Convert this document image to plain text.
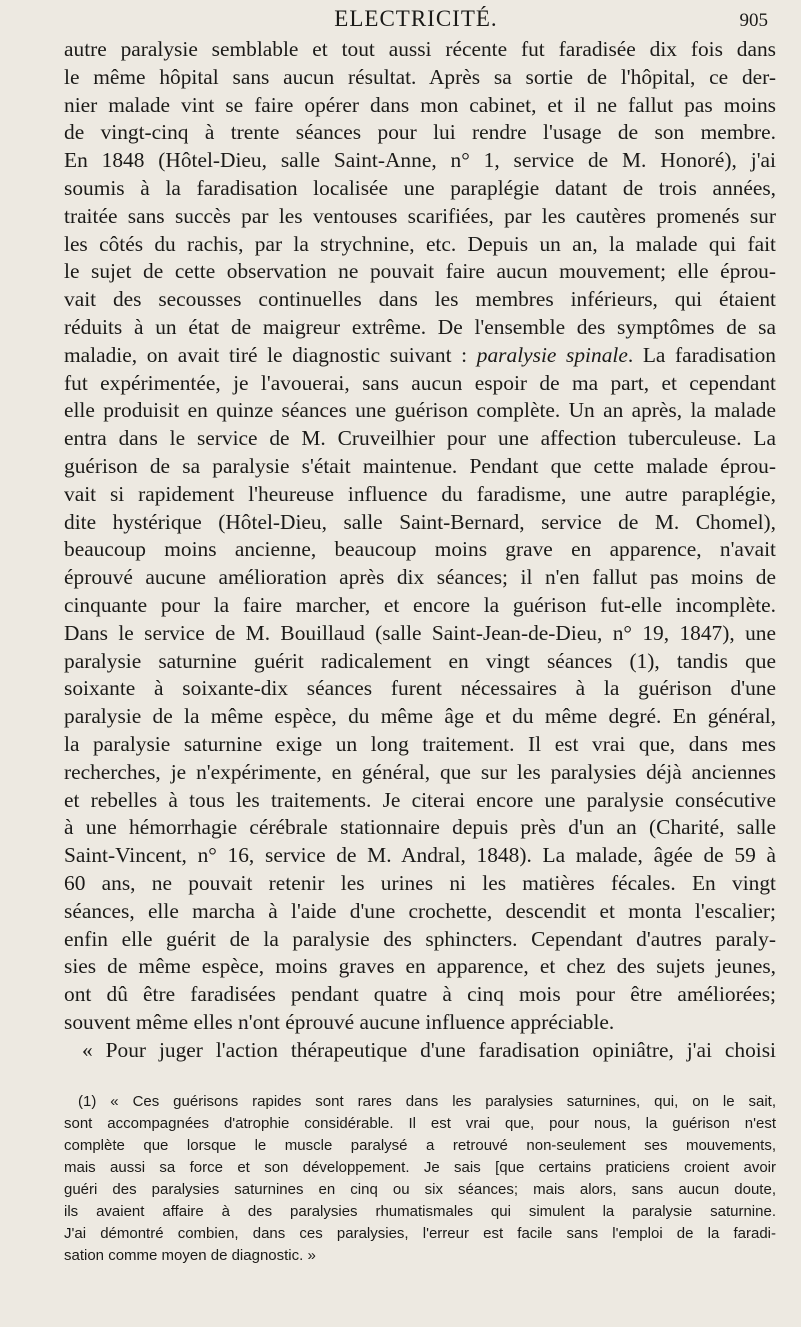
ELECTRICITÉ.	905
autre paralysie semblable et tout aussi récente fut faradisée dix fois dans
le même hôpital sans aucun résultat. Après sa sortie de l'hôpital, ce der-
nier malade vint se faire opérer dans mon cabinet, et il ne fallut pas moins
de vingt-cinq à trente séances pour lui rendre l'usage de son membre.
En 1848 (Hôtel-Dieu, salle Saint-Anne, n° 1, service de M. Honoré), j'ai
soumis à la faradisation localisée une paraplégie datant de trois années,
traitée sans succès par les ventouses scarifiées, par les cautères promenés sur
les côtés du rachis, par la strychnine, etc. Depuis un an, la malade qui fait
le sujet de cette observation ne pouvait faire aucun mouvement; elle éprou-
vait des secousses continuelles dans les membres inférieurs, qui étaient
réduits à un état de maigreur extrême. De l'ensemble des symptômes de sa
maladie, on avait tiré le diagnostic suivant : paralysie spinale. La faradisation
fut expérimentée, je l'avouerai, sans aucun espoir de ma part, et cependant
elle produisit en quinze séances une guérison complète. Un an après, la malade
entra dans le service de M. Cruveilhier pour une affection tuberculeuse. La
guérison de sa paralysie s'était maintenue. Pendant que cette malade éprou-
vait si rapidement l'heureuse influence du faradisme, une autre paraplégie,
dite hystérique (Hôtel-Dieu, salle Saint-Bernard, service de M. Chomel),
beaucoup moins ancienne, beaucoup moins grave en apparence, n'avait
éprouvé aucune amélioration après dix séances; il n'en fallut pas moins de
cinquante pour la faire marcher, et encore la guérison fut-elle incomplète.
Dans le service de M. Bouillaud (salle Saint-Jean-de-Dieu, n° 19, 1847), une
paralysie saturnine guérit radicalement en vingt séances (1), tandis que
soixante à soixante-dix séances furent nécessaires à la guérison d'une
paralysie de la même espèce, du même âge et du même degré. En général,
la paralysie saturnine exige un long traitement. Il est vrai que, dans mes
recherches, je n'expérimente, en général, que sur les paralysies déjà anciennes
et rebelles à tous les traitements. Je citerai encore une paralysie consécutive
à une hémorrhagie cérébrale stationnaire depuis près d'un an (Charité, salle
Saint-Vincent, n° 16, service de M. Andral, 1848). La malade, âgée de 59 à
60 ans, ne pouvait retenir les urines ni les matières fécales. En vingt
séances, elle marcha à l'aide d'une crochette, descendit et monta l'escalier;
enfin elle guérit de la paralysie des sphincters. Cependant d'autres paraly-
sies de même espèce, moins graves en apparence, et chez des sujets jeunes,
ont dû être faradisées pendant quatre à cinq mois pour être améliorées;
souvent même elles n'ont éprouvé aucune influence appréciable.
« Pour juger l'action thérapeutique d'une faradisation opiniâtre, j'ai choisi
(1) « Ces guérisons rapides sont rares dans les paralysies saturnines, qui, on le sait,
sont accompagnées d'atrophie considérable. Il est vrai que, pour nous, la guérison n'est
complète que lorsque le muscle paralysé a retrouvé non-seulement ses mouvements,
mais aussi sa force et son développement. Je sais [que certains praticiens croient avoir
guéri des paralysies saturnines en cinq ou six séances; mais alors, sans aucun doute,
ils avaient affaire à des paralysies rhumatismales qui simulent la paralysie saturnine.
J'ai démontré combien, dans ces paralysies, l'erreur est facile sans l'emploi de la faradi-
sation comme moyen de diagnostic. »
